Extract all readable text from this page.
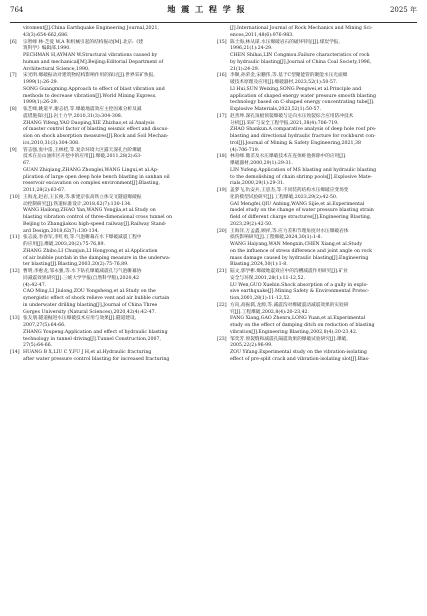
764	地 震 工 程 学 报	2025 年

viroment[J].China Earthquake Engineering Journal,2021,

43(3):654-662,686.

[6]	宗智峰 林·芝爱 W,A 和机械引起的结构振动[M].北京:《建

筑科学》编辑部,1990.

PECHMAN H,AYMAN W.Structural vibrations caused by

human and mechanical[M].Beijing:Editorial Department of

Architectural Science,1990.

[7]	宋光明.爆破振动对建筑物结构影响作用的探讨[J].世界采矿快报,

1999(1):26-29.

SONG Guangming.Approach to effect of blast vibration and

methods to decrease vibration[J].World Mining Express,

1999(1):26-29.

[8]	张艺峰,姚道平,谢志招,等.爆破地震效应主控因素分析及减

震措施探讨[J].岩土力学,2010,31(3):304-308.

ZHANG Yifeng,YAO Daoping,XIE Zhizhao,et al.Analysis

of master control factor of blasting seismic effect and discus-

sion on shock absorption measures[J].Rock and Soil Mechan-

ics,2010,31(3):304-308.

[9]	管志强,张中雷,王林桂,等.复杂环境大区露天深孔台阶爆破

技术在岳山油库区开挖中的应用[J].爆破,2011,28(2):63-

67.

GUAN Zhiqiang,ZHANG Zhonglei,WANG Lingui,et al.Ap-

plication of large open deep hole bench blasting in sanhan oil

reservoir excavation on complex environment[J].Blasting,

2011,28(2):63-67.

[10] 王海龙,赵岩,王长俊,等.新建京张高铁立体交叉隧道爆破振

动控制研究[J].铁道标准设计,2018,62(7):130-134.

WANG Hailong,ZHAO Yan,WANG Yongjia,et al.Study on

blasting vibration control of three-dimensional cross tunnel on

Beijing to Zhangjiakou high-speed railway[J].Railway Stand-

ard Design,2018,62(7):130-134.

[11] 张志波,李春军,李红勇,等.气泡帷幕在水下爆破减震工程中

的应用[J].爆破,2003,20(2):75-76,89.

ZHANG Zhibo,LI Chunjun,LI Hongyong,et al.Application

of air bubble purdah in the damping measure in the underwa-

ter blasting[J].Blasting,2003,20(2):75-76,89.

[12] 曹明,李惠龙,邹永强,等.水下钻孔爆破减震孔与气泡帷幕协

同减震效果研究[J].三峡大学学报(自然科学版),2020,42

(4):42-47.

CAO Ming,LI Jiulong,ZOU Yongsheng,et al.Study on the

synergistic effect of shock relieve vent and air bubble curtain

in underwater drilling blasting[J].Journal of China Three

Gorges University (Natural Sciences),2020,42(4):42-47.

[13] 张友朋.隧道掘进水压爆破技术应用与效果[J].隧道建设,

2007,27(5):64-66.

ZHANG Youpeng.Application and effect of hydraulic blasting

technology in tunnel driving[J].Tunnel Construction,2007,

27(5):64-66.

[14] HUANG B X,LIU C Y,FU J H,et al.Hydraulic fracturing

after water pressure control blasting for increased fracturing

[J].International Journal of Rock Mechanics and Mining Sci-

ences,2011,48(6):976-983.

[15] 陈士海,林从谋.水压爆破岩石的破坏特征[J].煤炭学报,

1996,21(1):24-29.

CHEN Shihai,LIN Congmou.Failure characteristics of rock

by hydraulic blasting[J].Journal of China Coal Society,1996,

21(1):24-29.

[16] 李顺,孙荣金,宋鹏伟,等.基于C型聚能管的聚能水压光面爆

破技术原理及应用[J].爆破器材,2023,52(1):50-57.

LI Hui,SUN Weixing,SONG Pengwei,et al.Principle and

application of shaped energy water pressure smooth blasting

technology based on C-shaped energy concentrating tube[J].

Explosive Materials,2023,52(1):50-57.

[17] 赵善坤.深孔顶板预裂爆破与定向水压致裂综合应用防冲技术

分析[J].采矿与安全工程学报,2021,38(4):706-719.

ZHAO Shankun.A comparative analysis of deep hole roof pre-

blasting and directional hydraulic fracture for rockburst con-

trol[J].Journal of Mining & Safety Engineering,2021,38

(4):706-719.

[18] 林育峰.微差及水压爆破技术在连体虾池拆除中的应用[J].

爆破器材,2000,29(1):29-31.

LIN Yufeng.Application of MS blasting and hydraulic blasting

to the demolishing of chain shrimp pools[J].Explosive Mate-

rials,2000,29(1):29-31.

[19] 盖梦飞,仇安兵,王思杰,等.不同装药结构水压爆破应变场变

化的模型试验研究[J].工程爆破,2023,29(2):42-50.

GAI Mengfei,QIU Anbing,WANG Sijie,et al.Experimental

model study on the change of water pressure blasting strain

field of different charge structures[J].Engineering Blasting,

2023,29(2):42-50.

[20] 王海洋,万孟鑫,顾祥,等.应力差和节理角度对水压爆破岩体

损伤影响研究[J].工程爆破,2024,30(1):1-8.

WANG Haiyang,WAN Mengxin,CHEN Xiang,et al.Study

on the influence of stress difference and joint angle on rock

mass damage caused by hydraulic blasting[J].Engineering

Blasting,2024,30(1):1-8.

[21] 陆文,郭学彬.爆破地震效应中的沟槽减震作用研究[J].矿业

安全与环保,2001,28(1):11-12,52.

LU Wen,GUO Xuebin.Shock absorption of a gully in explo-

sive earthquake[J].Mining Safety & Environmental Protec-

tion,2001,28(1):11-12,52.

[22] 方向,高振儒,龙源,等.减震沟对爆破震动减震效果的实验研

究[J].工程爆破,2002,8(4):20-23,42.

FANG Xiang,GAO Zhenru,LONG Yuan,et al.Experimental

study on the effect of damping ditch on reduction of blasting

vibration[J].Engineering Blasting,2002,8(4):20-23,42.

[23] 邹奕芳.预裂缝和减震孔隔震效果的爆破试验研究[J].爆破,

2005,22(2):96-99.

ZOU Yifang.Experimental study on the vibration-isolating

effect of pre-split crack and vibration-isolating slot[J].Blas-
